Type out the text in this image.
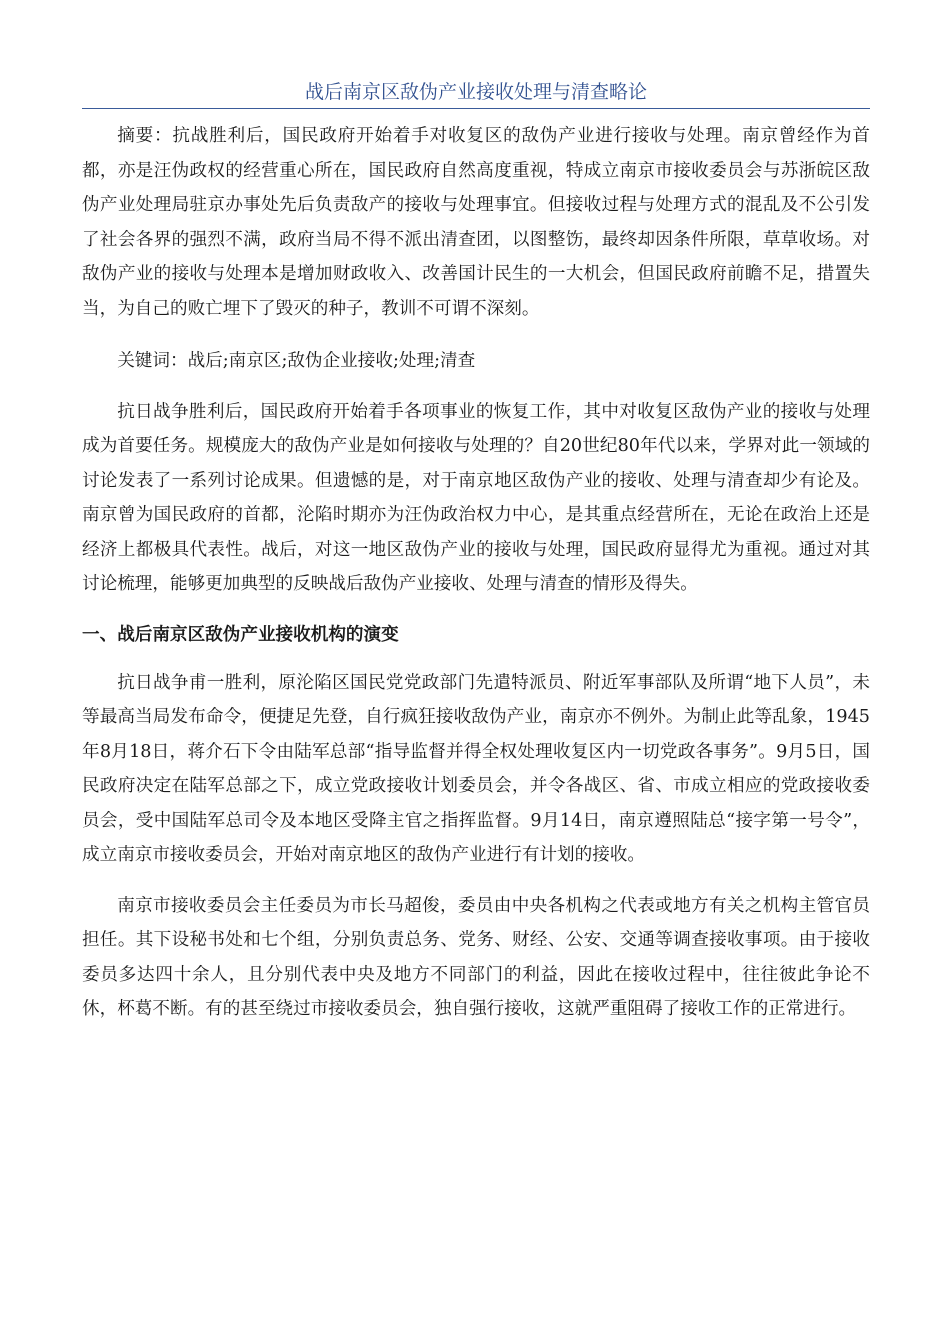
战后南京区敌伪产业接收处理与清查略论

摘要：抗战胜利后，国民政府开始着手对收复区的敌伪产业进行接收与处理。南京曾经作为首都，亦是汪伪政权的经营重心所在，国民政府自然高度重视，特成立南京市接收委员会与苏浙皖区敌伪产业处理局驻京办事处先后负责敌产的接收与处理事宜。但接收过程与处理方式的混乱及不公引发了社会各界的强烈不满，政府当局不得不派出清查团，以图整饬，最终却因条件所限，草草收场。对敌伪产业的接收与处理本是增加财政收入、改善国计民生的一大机会，但国民政府前瞻不足，措置失当，为自己的败亡埋下了毁灭的种子，教训不可谓不深刻。

关键词：战后;南京区;敌伪企业接收;处理;清查

抗日战争胜利后，国民政府开始着手各项事业的恢复工作，其中对收复区敌伪产业的接收与处理成为首要任务。规模庞大的敌伪产业是如何接收与处理的？自20世纪80年代以来，学界对此一领域的讨论发表了一系列讨论成果。但遗憾的是，对于南京地区敌伪产业的接收、处理与清查却少有论及。南京曾为国民政府的首都，沦陷时期亦为汪伪政治权力中心，是其重点经营所在，无论在政治上还是经济上都极具代表性。战后，对这一地区敌伪产业的接收与处理，国民政府显得尤为重视。通过对其讨论梳理，能够更加典型的反映战后敌伪产业接收、处理与清查的情形及得失。

一、战后南京区敌伪产业接收机构的演变

抗日战争甫一胜利，原沦陷区国民党党政部门先遣特派员、附近军事部队及所谓“地下人员”，未等最高当局发布命令，便捷足先登，自行疯狂接收敌伪产业，南京亦不例外。为制止此等乱象，1945年8月18日，蒋介石下令由陆军总部“指导监督并得全权处理收复区内一切党政各事务”。9月5日，国民政府决定在陆军总部之下，成立党政接收计划委员会，并令各战区、省、市成立相应的党政接收委员会，受中国陆军总司令及本地区受降主官之指挥监督。9月14日，南京遵照陆总“接字第一号令”，成立南京市接收委员会，开始对南京地区的敌伪产业进行有计划的接收。

南京市接收委员会主任委员为市长马超俊，委员由中央各机构之代表或地方有关之机构主管官员担任。其下设秘书处和七个组，分别负责总务、党务、财经、公安、交通等调查接收事项。由于接收委员多达四十余人，且分别代表中央及地方不同部门的利益，因此在接收过程中，往往彼此争论不休，杯葛不断。有的甚至绕过市接收委员会，独自强行接收，这就严重阻碍了接收工作的正常进行。
